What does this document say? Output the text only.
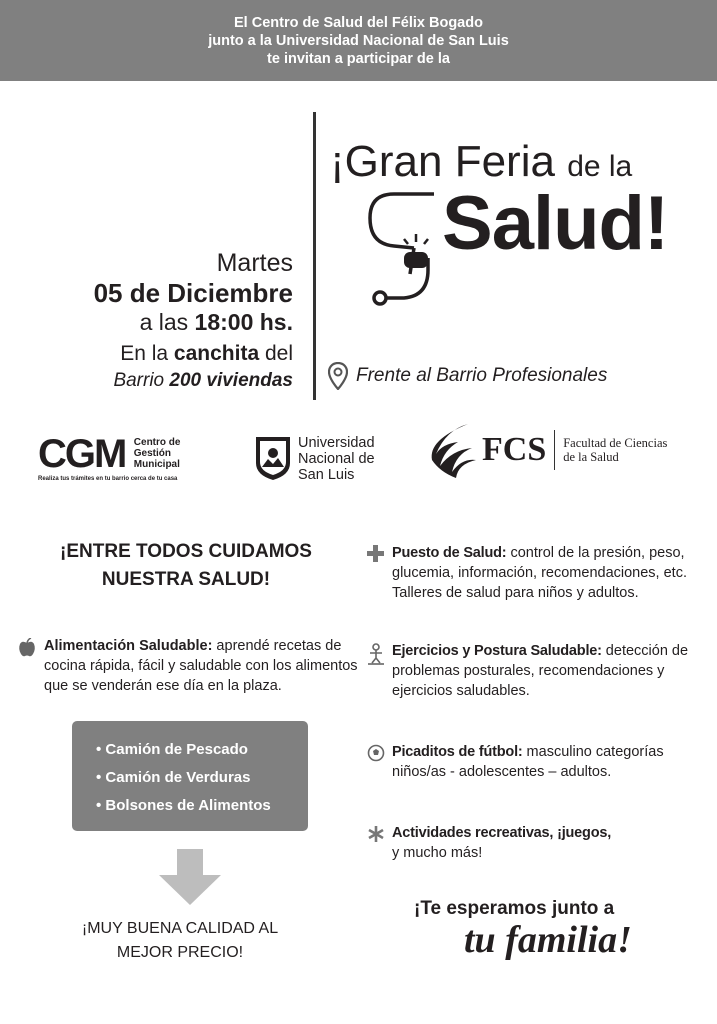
El Centro de Salud del Félix Bogado
junto a la Universidad Nacional de San Luis
te invitan a participar de la
¡Gran Feria de la
Salud!
Martes
05 de Diciembre
a las 18:00 hs.
En la canchita del
Barrio 200 viviendas	Frente al Barrio Profesionales
CGM Centro de
Gestión
Municipal
Realiza tus trámites en tu barrio cerca de tu casa
Universidad
Nacional de
San Luis
FCS Facultad de Ciencias
de la Salud
¡ENTRE TODOS CUIDAMOS
NUESTRA SALUD!
Alimentación Saludable: aprendé recetas de cocina rápida, fácil y saludable con los alimentos que se venderán ese día en la plaza.
• Camión de Pescado
• Camión de Verduras
• Bolsones de Alimentos
¡MUY BUENA CALIDAD AL
MEJOR PRECIO!
Puesto de Salud: control de la presión, peso, glucemia, información, recomendaciones, etc. Talleres de salud para niños y adultos.
Ejercicios y Postura Saludable: detección de problemas posturales, recomendaciones y ejercicios saludables.
Picaditos de fútbol: masculino categorías niños/as - adolescentes – adultos.
Actividades recreativas, ¡juegos,
y mucho más!
¡Te esperamos junto a
tu familia!
